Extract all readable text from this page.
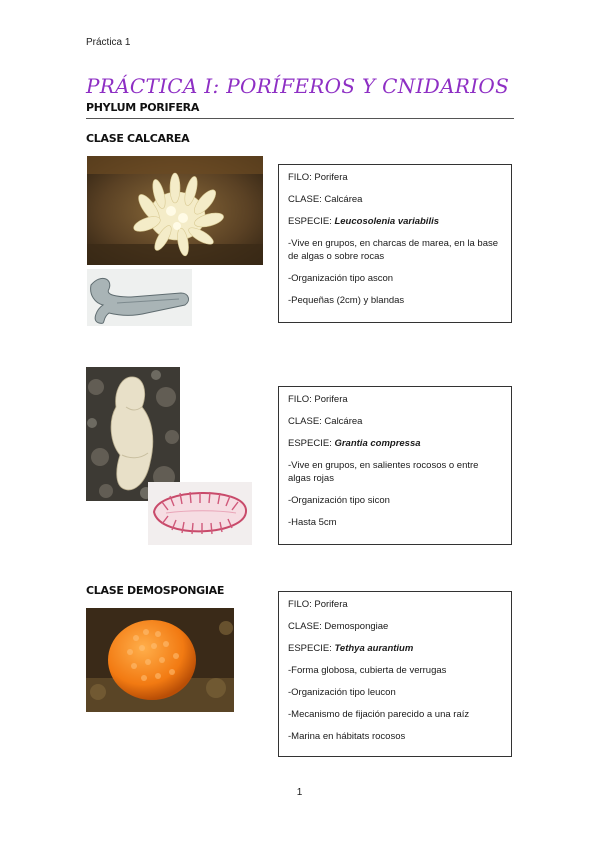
Práctica 1
PRÁCTICA I: PORÍFEROS Y CNIDARIOS
PHYLUM PORIFERA
CLASE CALCAREA

FILO: Porifera

CLASE: Calcárea

ESPECIE: Leucosolenia variabilis

-Vive en grupos, en charcas de marea, en la base de algas o sobre rocas

-Organización tipo ascon

-Pequeñas (2cm) y blandas

FILO: Porifera

CLASE: Calcárea

ESPECIE: Grantia compressa

-Vive en grupos, en salientes rocosos o entre algas rojas

-Organización tipo sicon

-Hasta 5cm

CLASE DEMOSPONGIAE

FILO: Porifera

CLASE: Demospongiae

ESPECIE: Tethya aurantium

-Forma globosa, cubierta de verrugas

-Organización tipo leucon

-Mecanismo de fijación parecido a una raíz

-Marina en hábitats rocosos

1
